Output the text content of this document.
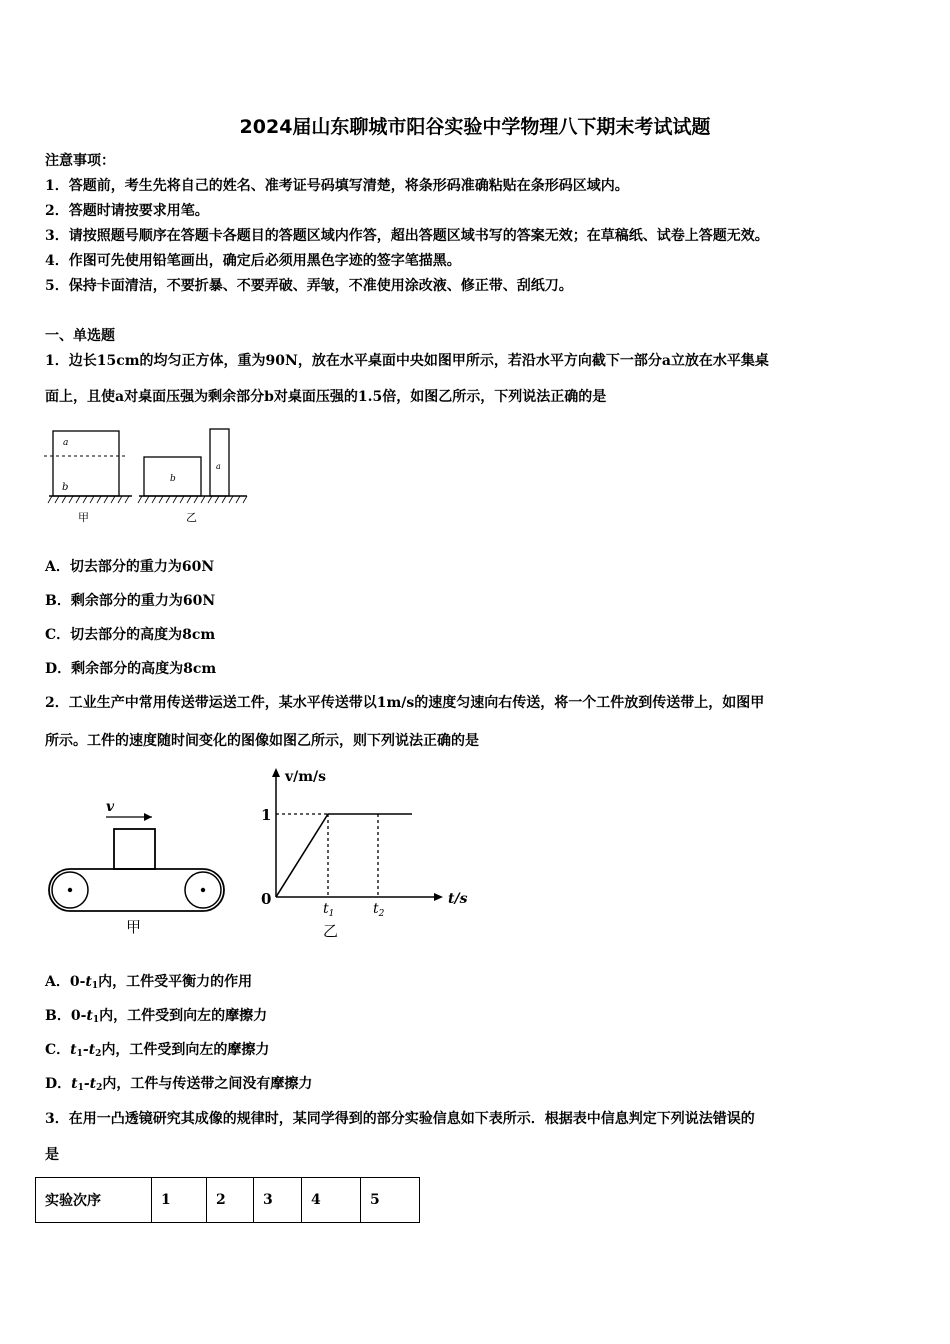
2024届山东聊城市阳谷实验中学物理八下期末考试试题
注意事项：
1．答题前，考生先将自己的姓名、准考证号码填写清楚，将条形码准确粘贴在条形码区域内。
2．答题时请按要求用笔。
3．请按照题号顺序在答题卡各题目的答题区域内作答，超出答题区域书写的答案无效；在草稿纸、试卷上答题无效。
4．作图可先使用铅笔画出，确定后必须用黑色字迹的签字笔描黑。
5．保持卡面清洁，不要折暴、不要弄破、弄皱，不准使用涂改液、修正带、刮纸刀。
一、单选题
1．边长15cm的均匀正方体，重为90N，放在水平桌面中央如图甲所示，若沿水平方向截下一部分a立放在水平集桌
面上，且使a对桌面压强为剩余部分b对桌面压强的1.5倍，如图乙所示，下列说法正确的是
a
b
甲
b
a
乙
A．切去部分的重力为60N
B．剩余部分的重力为60N
C．切去部分的高度为8cm
D．剩余部分的高度为8cm
2．工业生产中常用传送带运送工件，某水平传送带以1m/s的速度匀速向右传送，将一个工件放到传送带上，如图甲
所示。工件的速度随时间变化的图像如图乙所示，则下列说法正确的是
v
甲
v/m/s
t/s
1
0
$t_1$	$t_2$
乙
A．$0-t_1$内，工件受平衡力的作用
B．$0-t_1$内，工件受到向左的摩擦力
C．$t_1-t_2$内，工件受到向左的摩擦力
D．$t_1-t_2$内，工件与传送带之间没有摩擦力
3．在用一凸透镜研究其成像的规律时，某同学得到的部分实验信息如下表所示．根据表中信息判定下列说法错误的
是
实验次序	1	2	3	4	5
